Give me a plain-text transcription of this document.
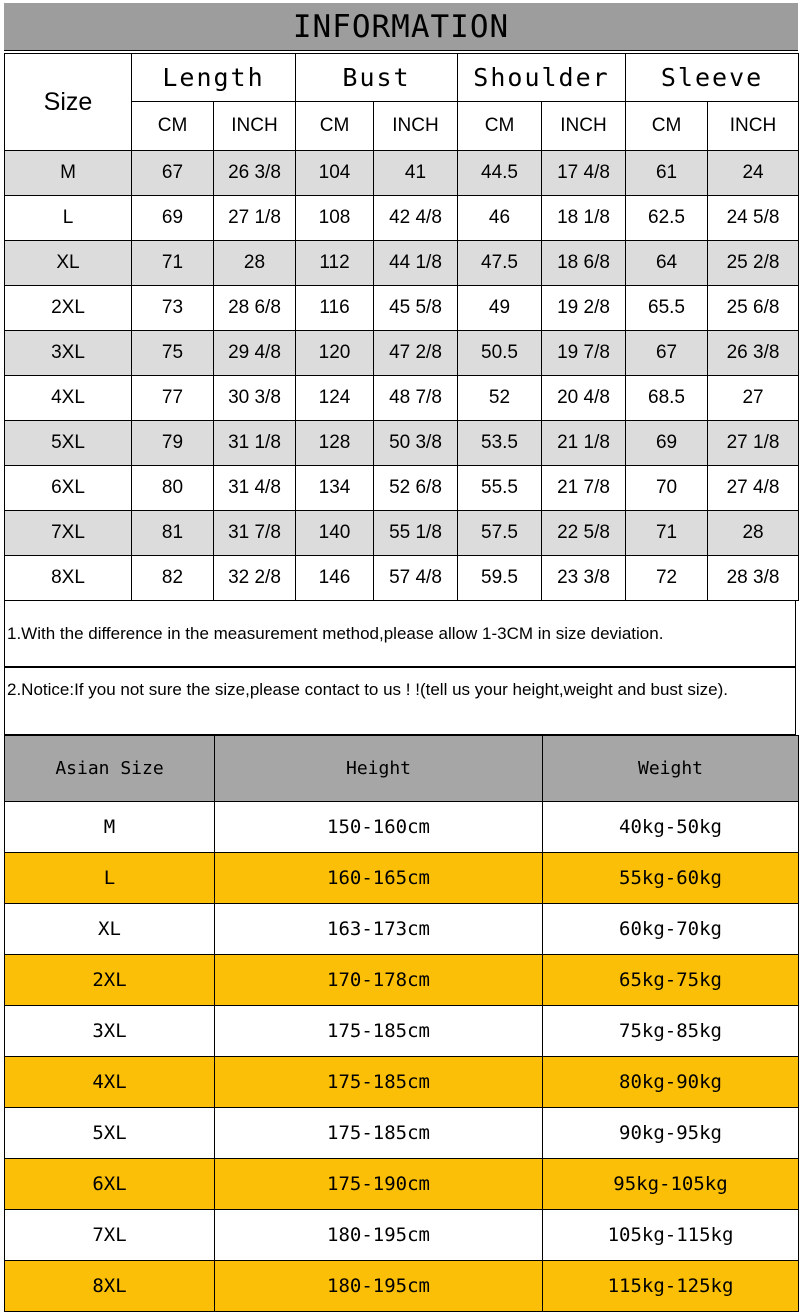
INFORMATION
Size	Length		Bust		Shoulder		Sleeve	
	CM	INCH	CM	INCH	CM	INCH	CM	INCH
M	67	26 3/8	104	41	44.5	17 4/8	61	24
L	69	27 1/8	108	42 4/8	46	18 1/8	62.5	24 5/8
XL	71	28	112	44 1/8	47.5	18 6/8	64	25 2/8
2XL	73	28 6/8	116	45 5/8	49	19 2/8	65.5	25 6/8
3XL	75	29 4/8	120	47 2/8	50.5	19 7/8	67	26 3/8
4XL	77	30 3/8	124	48 7/8	52	20 4/8	68.5	27
5XL	79	31 1/8	128	50 3/8	53.5	21 1/8	69	27 1/8
6XL	80	31 4/8	134	52 6/8	55.5	21 7/8	70	27 4/8
7XL	81	31 7/8	140	55 1/8	57.5	22 5/8	71	28
8XL	82	32 2/8	146	57 4/8	59.5	23 3/8	72	28 3/8
1.With the difference in the measurement method,please allow 1-3CM in size deviation.
2.Notice:If you not sure the size,please contact to us ! !(tell us your height,weight and bust size).
Asian Size	Height	Weight
M	150-160cm	40kg-50kg
L	160-165cm	55kg-60kg
XL	163-173cm	60kg-70kg
2XL	170-178cm	65kg-75kg
3XL	175-185cm	75kg-85kg
4XL	175-185cm	80kg-90kg
5XL	175-185cm	90kg-95kg
6XL	175-190cm	95kg-105kg
7XL	180-195cm	105kg-115kg
8XL	180-195cm	115kg-125kg
